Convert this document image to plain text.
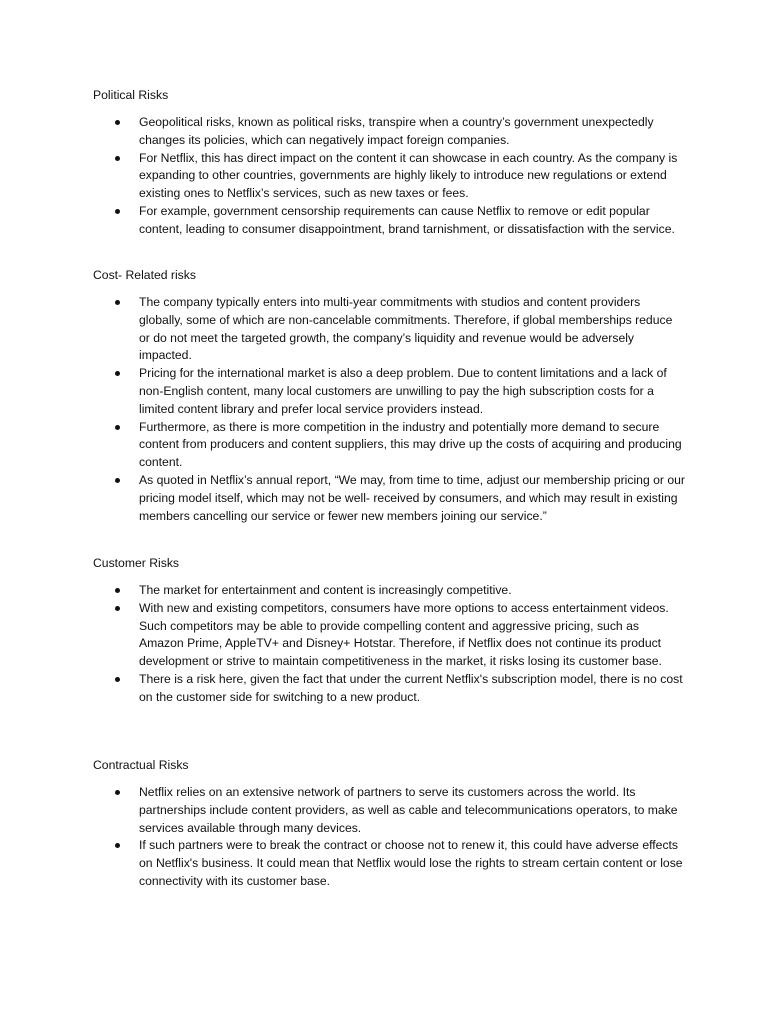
Political Risks

Geopolitical risks, known as political risks, transpire when a country’s government unexpectedly changes its policies, which can negatively impact foreign companies.
For Netflix, this has direct impact on the content it can showcase in each country. As the company is expanding to other countries, governments are highly likely to introduce new regulations or extend existing ones to Netflix’s services, such as new taxes or fees.
For example, government censorship requirements can cause Netflix to remove or edit popular content, leading to consumer disappointment, brand tarnishment, or dissatisfaction with the service.

Cost- Related risks

The company typically enters into multi-year commitments with studios and content providers globally, some of which are non-cancelable commitments. Therefore, if global memberships reduce or do not meet the targeted growth, the company’s liquidity and revenue would be adversely impacted.
Pricing for the international market is also a deep problem. Due to content limitations and a lack of non-English content, many local customers are unwilling to pay the high subscription costs for a limited content library and prefer local service providers instead.
Furthermore, as there is more competition in the industry and potentially more demand to secure content from producers and content suppliers, this may drive up the costs of acquiring and producing content.
As quoted in Netflix’s annual report, “We may, from time to time, adjust our membership pricing or our pricing model itself, which may not be well- received by consumers, and which may result in existing members cancelling our service or fewer new members joining our service.”

Customer Risks

The market for entertainment and content is increasingly competitive.
With new and existing competitors, consumers have more options to access entertainment videos. Such competitors may be able to provide compelling content and aggressive pricing, such as Amazon Prime, AppleTV+ and Disney+ Hotstar. Therefore, if Netflix does not continue its product development or strive to maintain competitiveness in the market, it risks losing its customer base.
There is a risk here, given the fact that under the current Netflix's subscription model, there is no cost on the customer side for switching to a new product.

Contractual Risks

Netflix relies on an extensive network of partners to serve its customers across the world. Its partnerships include content providers, as well as cable and telecommunications operators, to make services available through many devices.
If such partners were to break the contract or choose not to renew it, this could have adverse effects on Netflix's business. It could mean that Netflix would lose the rights to stream certain content or lose connectivity with its customer base.
